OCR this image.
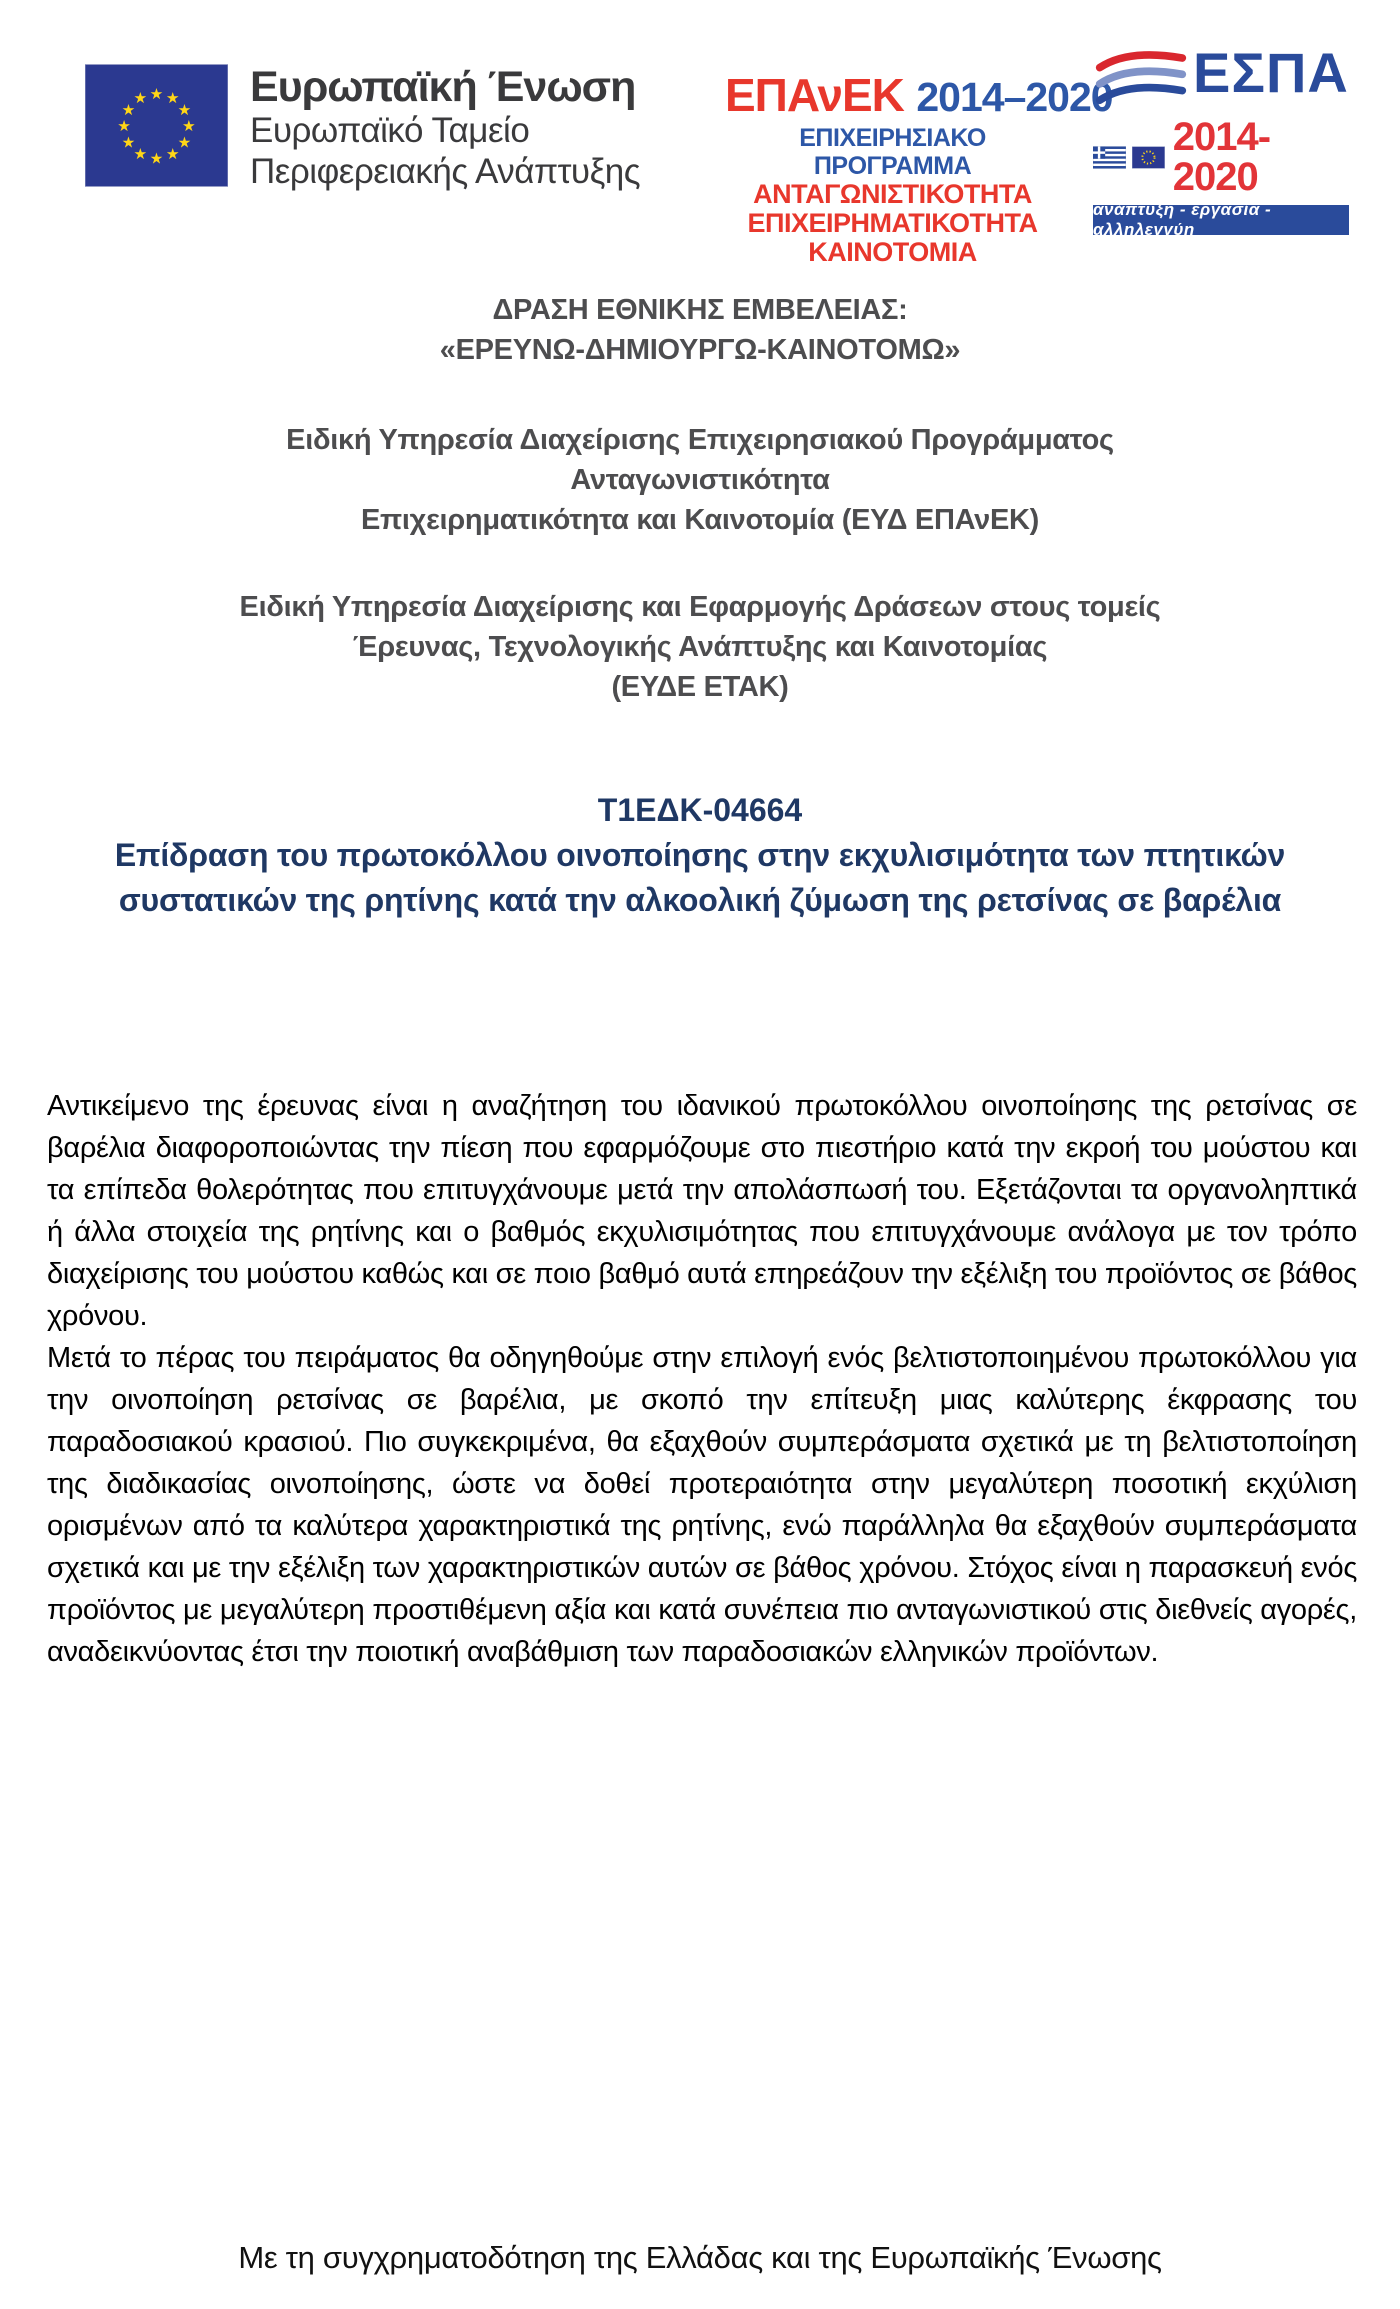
★ ★
★
★
★
★
★
★
★
★
★
★ Ευρωπαϊκή Ένωση
Ευρωπαϊκό Ταμείο
Περιφερειακής Ανάπτυξης
ΕΠΑνΕΚ 2014–2020
ΕΠΙΧΕΙΡΗΣΙΑΚΟ ΠΡΟΓΡΑΜΜΑ
ΑΝΤΑΓΩΝΙΣΤΙΚΟΤΗΤΑ
ΕΠΙΧΕΙΡΗΜΑΤΙΚΟΤΗΤΑ
ΚΑΙΝΟΤΟΜΙΑ
ΕΣΠΑ
2014-2020
ανάπτυξη - εργασία - αλληλεγγύη
ΔΡΑΣΗ ΕΘΝΙΚΗΣ ΕΜΒΕΛΕΙΑΣ:
«ΕΡΕΥΝΩ-ΔΗΜΙΟΥΡΓΩ-ΚΑΙΝΟΤΟΜΩ»
Ειδική Υπηρεσία Διαχείρισης Επιχειρησιακού Προγράμματος
Ανταγωνιστικότητα
Επιχειρηματικότητα και Καινοτομία (ΕΥΔ ΕΠΑνΕΚ)
Ειδική Υπηρεσία Διαχείρισης και Εφαρμογής Δράσεων στους τομείς
Έρευνας, Τεχνολογικής Ανάπτυξης και Καινοτομίας
(ΕΥΔΕ ΕΤΑΚ)
Τ1ΕΔΚ-04664
Επίδραση του πρωτοκόλλου οινοποίησης στην εκχυλισιμότητα των πτητικών συστατικών της ρητίνης κατά την αλκοολική ζύμωση της ρετσίνας σε βαρέλια

Αντικείμενο της έρευνας είναι η αναζήτηση του ιδανικού πρωτοκόλλου οινοποίησης της ρετσίνας σε βαρέλια διαφοροποιώντας την πίεση που εφαρμόζουμε στο πιεστήριο κατά την εκροή του μούστου και τα επίπεδα θολερότητας που επιτυγχάνουμε μετά την απολάσπωσή του. Εξετάζονται τα οργανοληπτικά ή άλλα στοιχεία της ρητίνης και ο βαθμός εκχυλισιμότητας που επιτυγχάνουμε ανάλογα με τον τρόπο διαχείρισης του μούστου καθώς και σε ποιο βαθμό αυτά επηρεάζουν την εξέλιξη του προϊόντος σε βάθος χρόνου.

Μετά το πέρας του πειράματος θα οδηγηθούμε στην επιλογή ενός βελτιστοποιημένου πρωτοκόλλου για την οινοποίηση ρετσίνας σε βαρέλια, με σκοπό την επίτευξη μιας καλύτερης έκφρασης του παραδοσιακού κρασιού. Πιο συγκεκριμένα, θα εξαχθούν συμπεράσματα σχετικά με τη βελτιστοποίηση της διαδικασίας οινοποίησης, ώστε να δοθεί προτεραιότητα στην μεγαλύτερη ποσοτική εκχύλιση ορισμένων από τα καλύτερα χαρακτηριστικά της ρητίνης, ενώ παράλληλα θα εξαχθούν συμπεράσματα σχετικά και με την εξέλιξη των χαρακτηριστικών αυτών σε βάθος χρόνου. Στόχος είναι η παρασκευή ενός προϊόντος με μεγαλύτερη προστιθέμενη αξία και κατά συνέπεια πιο ανταγωνιστικού στις διεθνείς αγορές, αναδεικνύοντας έτσι την ποιοτική αναβάθμιση των παραδοσιακών ελληνικών προϊόντων.

Με τη συγχρηματοδότηση της Ελλάδας και της Ευρωπαϊκής Ένωσης
